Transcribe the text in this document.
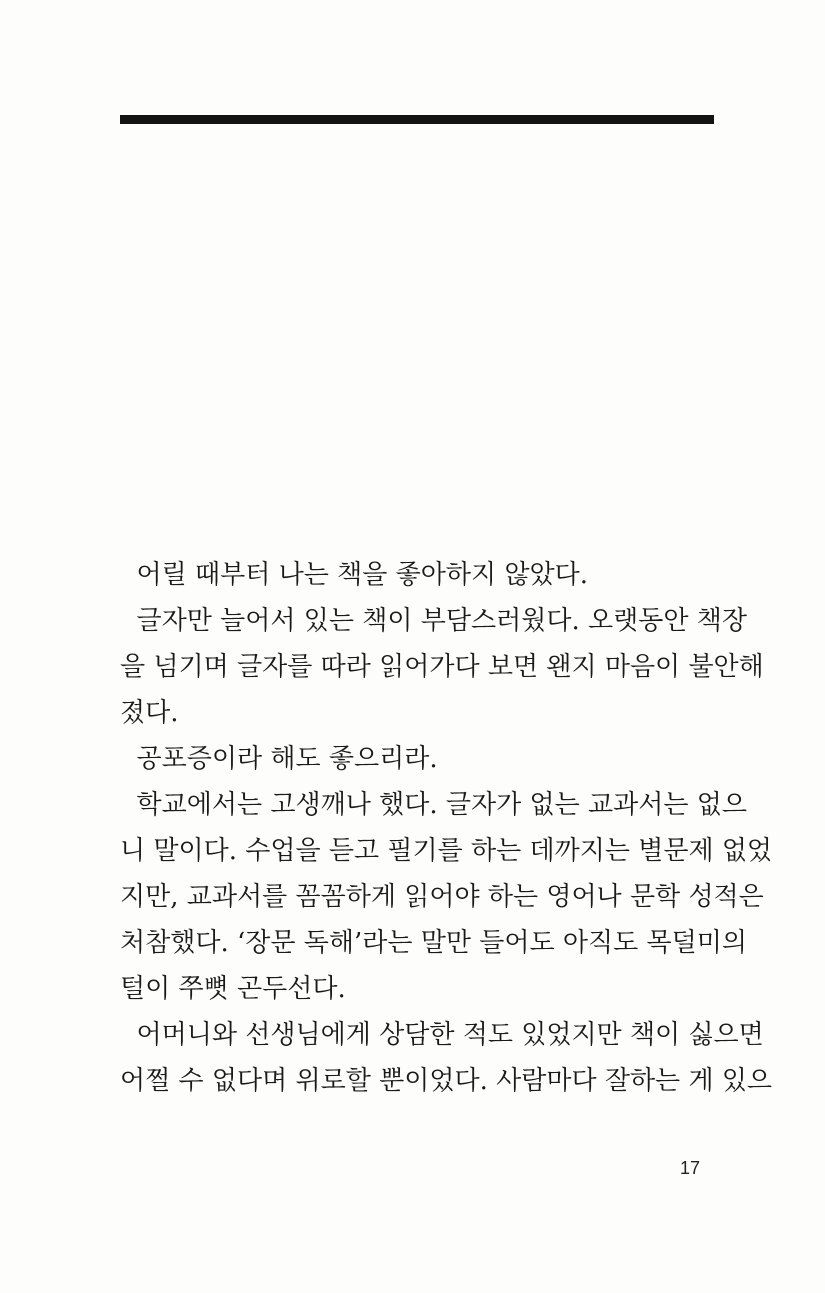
어릴 때부터 나는 책을 좋아하지 않았다.
글자만 늘어서 있는 책이 부담스러웠다. 오랫동안 책장
을 넘기며 글자를 따라 읽어가다 보면 왠지 마음이 불안해
졌다.
공포증이라 해도 좋으리라.
학교에서는 고생깨나 했다. 글자가 없는 교과서는 없으
니 말이다. 수업을 듣고 필기를 하는 데까지는 별문제 없었
지만, 교과서를 꼼꼼하게 읽어야 하는 영어나 문학 성적은
처참했다. ‘장문 독해’라는 말만 들어도 아직도 목덜미의
털이 쭈뼛 곤두선다.
어머니와 선생님에게 상담한 적도 있었지만 책이 싫으면
어쩔 수 없다며 위로할 뿐이었다. 사람마다 잘하는 게 있으
17
